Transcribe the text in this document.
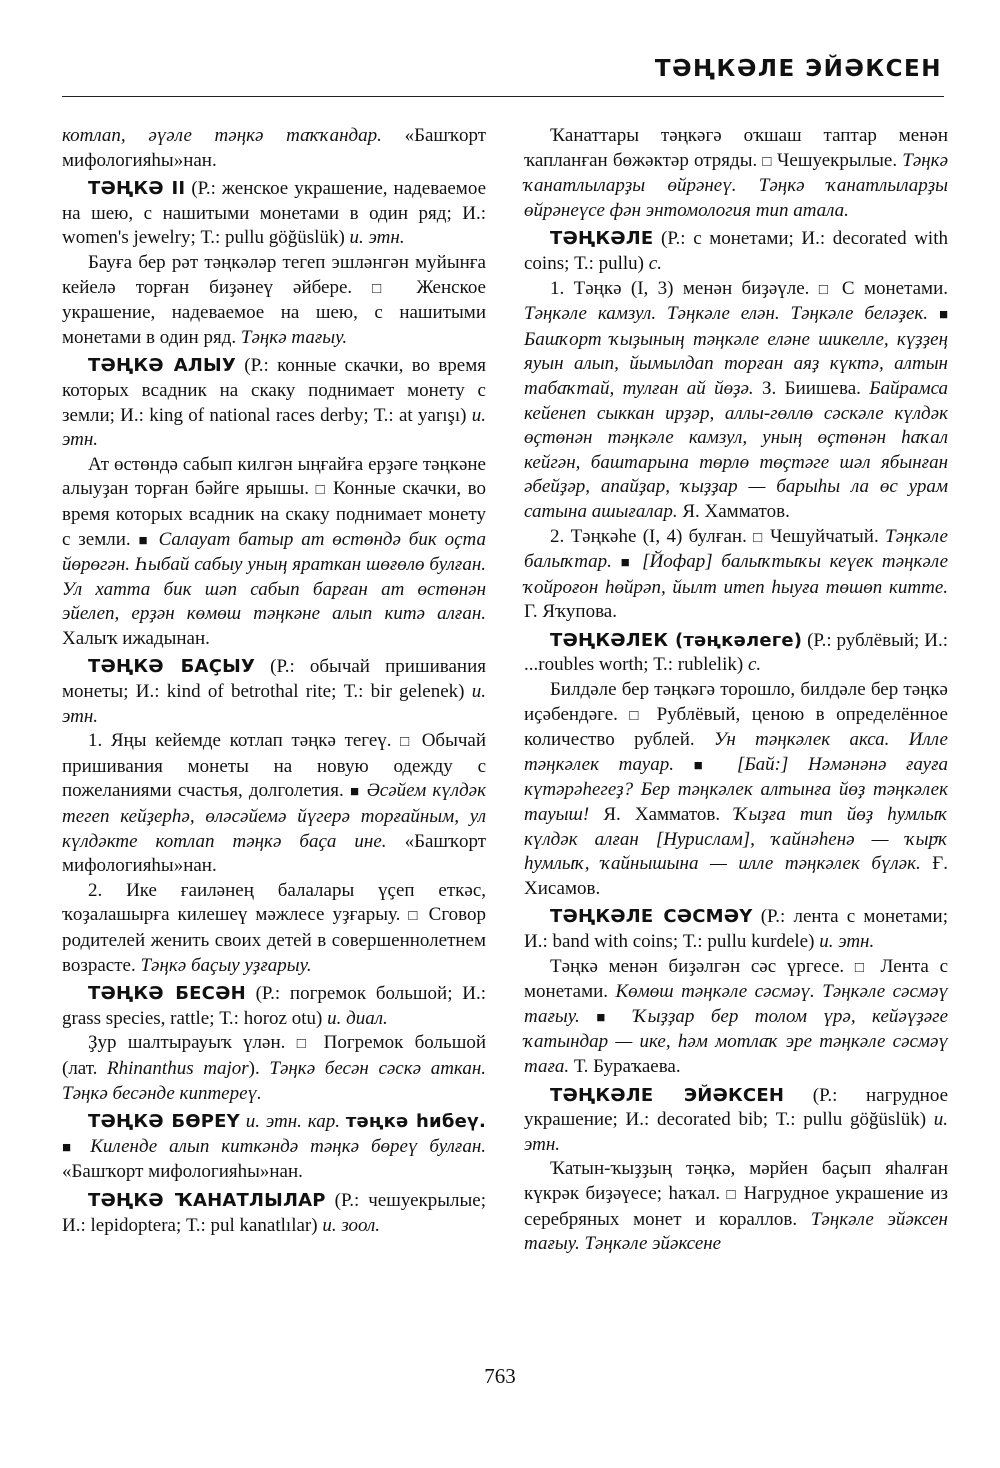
ТӘҢКӘЛЕ ЭЙӘКСЕН

котлап, әүәле тәңкә таҡҡандар. «Башҡорт мифологияһы»нан.

ТӘҢКӘ II (Р.: женское украшение, надеваемое на шею, с нашитыми монетами в один ряд; И.: women's jewelry; Т.: pullu göğüslük) и. этн.

Бауға бер рәт тәңкәләр тегеп эшләнгән муйынға кейелә торған биҙәнеү әйбере. □ Женское украшение, надеваемое на шею, с нашитыми монетами в один ряд. Тәңкә тағыу.

ТӘҢКӘ АЛЫУ (Р.: конные скачки, во время которых всадник на скаку поднимает монету с земли; И.: king of national races derby; Т.: at yarışı) и. этн.

Ат өстөндә сабып килгән ыңғайға ерҙәге тәңкәне алыуҙан торған бәйге ярышы. □ Конные скачки, во время которых всадник на скаку поднимает монету с земли. ■ Салауат батыр ат өстөндә бик оҫта йөрөгән. Һыбай сабыу уның яраткан шөғөлө булған. Ул хатта бик шәп сабып барған ат өстөнән эйелеп, ерҙән көмөш тәңкәне алып китә алған. Халыҡ ижадынан.

ТӘҢКӘ БАҪЫУ (Р.: обычай пришивания монеты; И.: kind of betrothal rite; Т.: bir gelenek) и. этн.

1. Яңы кейемде котлап тәңкә тегеү. □ Обычай пришивания монеты на новую одежду с пожеланиями счастья, долголетия. ■ Әсәйем күлдәк тегеп кейҙерһә, өләсәйемә йүгерә торғайным, ул күлдәкте котлап тәңкә баҫа ине. «Башҡорт мифологияһы»нан.

2. Ике ғаиләнең балалары үҫеп еткәс, ҡоҙалашырға килешеү мәжлесе уҙғарыу. □ Сговор родителей женить своих детей в совершеннолетнем возрасте. Тәңкә баҫыу уҙғарыу.

ТӘҢКӘ БЕСӘН (Р.: погремок большой; И.: grass species, rattle; Т.: horoz otu) и. диал.

Ҙур шалтырауыҡ үлән. □ Погремок большой (лат. Rhinanthus major). Тәңкә бесән сәскә аткан. Тәңкә бесәнде киптереү.

ТӘҢКӘ БӨРЕҮ и. этн. кар. тәңкә һибеү. ■ Киленде алып киткәндә тәңкә бөреү булған. «Башҡорт мифологияһы»нан.

ТӘҢКӘ ҠАНАТЛЫЛАР (Р.: чешуекрылые; И.: lepidoptera; Т.: pul kanatlılar) и. зоол.

Ҡанаттары тәңкәгә оҡшаш таптар менән ҡапланған бөжәктәр отряды. □ Чешуекрылые. Тәңкә ҡанатлыларҙы өйрәнеү. Тәңкә ҡанатлыларҙы өйрәнеүсе фән энтомология тип атала.

ТӘҢКӘЛЕ (Р.: с монетами; И.: decorated with coins; Т.: pullu) с.

1. Тәңкә (I, 3) менән биҙәүле. □ С монетами. Тәңкәле камзул. Тәңкәле елән. Тәңкәле беләҙек. ■ Башҡорт ҡыҙының тәңкәле еләне шикелле, күҙҙең яуын алып, йымылдап торған аяҙ күктә, алтын табаҡтай, тулған ай йөҙә. З. Биишева. Байрамса кейенеп сыккан ирҙәр, аллы-гөллө сәскәле күлдәк өҫтөнән тәңкәле камзул, уның өҫтөнән һаҡал кейгән, баштарына төрлө төҫтәге шәл ябынған әбейҙәр, апайҙар, ҡыҙҙар — барыһы ла өс урам сатына ашығалар. Я. Хамматов.

2. Тәңкәһе (I, 4) булған. □ Чешуйчатый. Тәңкәле балыҡтар. ■ [Йофар] балыҡтыҡы кеүек тәңкәле ҡойроғон һөйрәп, йылт итеп һыуға төшөп китте. Г. Яҡупова.

ТӘҢКӘЛЕК (тәңкәлеге) (Р.: рублёвый; И.: ...roubles worth; Т.: rublelik) с.

Билдәле бер тәңкәгә торошло, билдәле бер тәңкә иҫәбендәге. □ Рублёвый, ценою в определённое количество рублей. Ун тәңкәлек акса. Илле тәңкәлек тауар. ■ [Бай:] Нәмәнәнә ғауға күтәрәһегеҙ? Бер тәңкәлек алтынға йөҙ тәңкәлек тауыш! Я. Хамматов. Ҡыҙға тип йөҙ һумлыҡ күлдәк алған [Нурислам], ҡайнәһенә — ҡырҡ һумлыҡ, ҡайнышына — илле тәңкәлек бүләк. Ғ. Хисамов.

ТӘҢКӘЛЕ СӘСМӘҮ (Р.: лента с монетами; И.: band with coins; Т.: pullu kurdele) и. этн.

Тәңкә менән биҙәлгән сәс үргесе. □ Лента с монетами. Көмөш тәңкәле сәсмәү. Тәңкәле сәсмәү тағыу. ■ Ҡыҙҙар бер толом үрә, кейәүҙәге ҡатындар — ике, һәм мотлаҡ эре тәңкәле сәсмәү таға. Т. Бураҡаева.

ТӘҢКӘЛЕ ЭЙӘКСЕН (Р.: нагрудное украшение; И.: decorated bib; Т.: pullu göğüslük) и. этн.

Ҡатын-ҡыҙҙың тәңкә, мәрйен баҫып яһалған күкрәк биҙәүесе; һаҡал. □ Нагрудное украшение из серебряных монет и кораллов. Тәңкәле эйәксен тағыу. Тәңкәле эйәксене

763
